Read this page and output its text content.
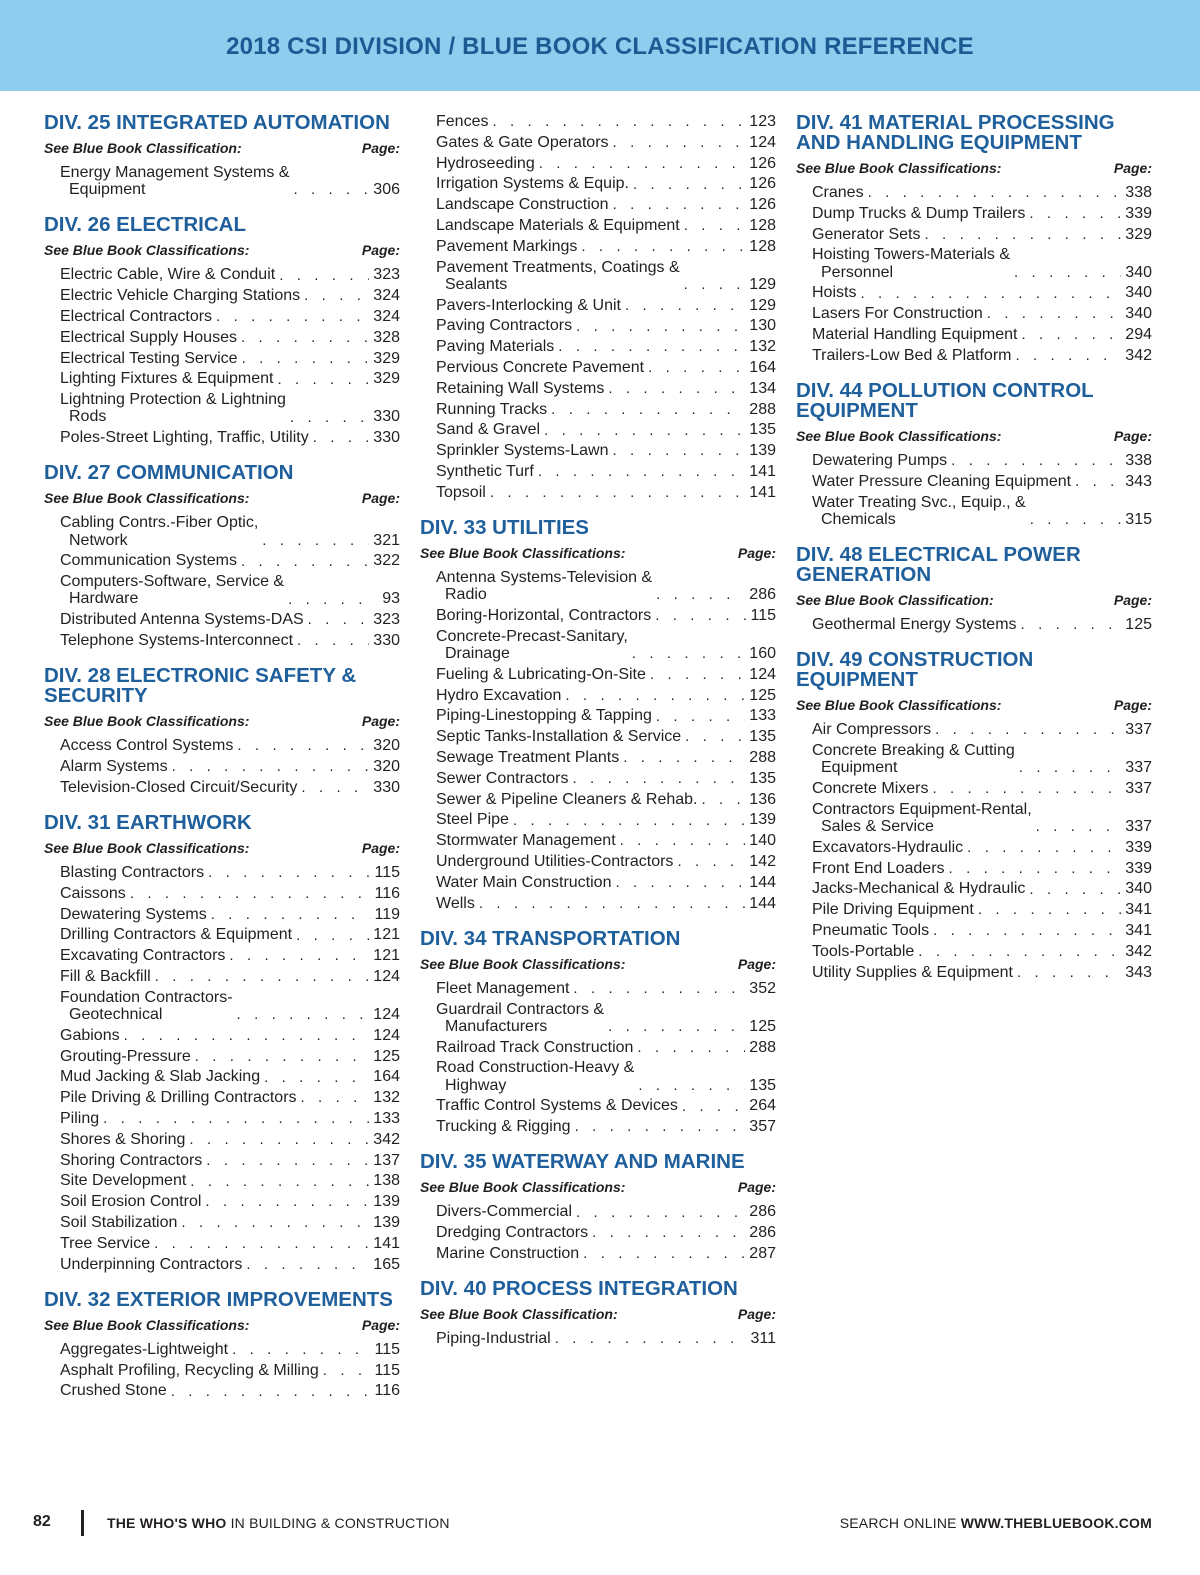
2018 CSI DIVISION / BLUE BOOK CLASSIFICATION REFERENCE
DIV. 25 INTEGRATED AUTOMATION
See Blue Book Classification:	Page:
Energy Management Systems &
Equipment . . .	306
DIV. 26 ELECTRICAL
See Blue Book Classifications:	Page:
Electric Cable, Wire & Conduit . . .	323
Electric Vehicle Charging Stations . . .	324
Electrical Contractors . . .	324
Electrical Supply Houses . . .	328
Electrical Testing Service . . .	329
Lighting Fixtures & Equipment . . .	329
Lightning Protection & Lightning
Rods . . .	330
Poles-Street Lighting, Traffic, Utility . . .	330
DIV. 27 COMMUNICATION
See Blue Book Classifications:	Page:
Cabling Contrs.-Fiber Optic,
Network . . .	321
Communication Systems . . .	322
Computers-Software, Service &
Hardware . . .	93
Distributed Antenna Systems-DAS . . .	323
Telephone Systems-Interconnect . . .	330
DIV. 28 ELECTRONIC SAFETY & SECURITY
See Blue Book Classifications:	Page:
Access Control Systems . . .	320
Alarm Systems . . .	320
Television-Closed Circuit/Security . . .	330
DIV. 31 EARTHWORK
See Blue Book Classifications:	Page:
Blasting Contractors . . .	115
Caissons . . .	116
Dewatering Systems . . .	119
Drilling Contractors & Equipment . . .	121
Excavating Contractors . . .	121
Fill & Backfill . . .	124
Foundation Contractors-
Geotechnical . . .	124
Gabions . . .	124
Grouting-Pressure . . .	125
Mud Jacking & Slab Jacking . . .	164
Pile Driving & Drilling Contractors . . .	132
Piling . . .	133
Shores & Shoring . . .	342
Shoring Contractors . . .	137
Site Development . . .	138
Soil Erosion Control . . .	139
Soil Stabilization . . .	139
Tree Service . . .	141
Underpinning Contractors . . .	165
DIV. 32 EXTERIOR IMPROVEMENTS
See Blue Book Classifications:	Page:
Aggregates-Lightweight . . .	115
Asphalt Profiling, Recycling & Milling . . .	115
Crushed Stone . . .	116
Fences . . .	123
Gates & Gate Operators . . .	124
Hydroseeding . . .	126
Irrigation Systems & Equip. . . .	126
Landscape Construction . . .	126
Landscape Materials & Equipment . . .	128
Pavement Markings . . .	128
Pavement Treatments, Coatings &
Sealants . . .	129
Pavers-Interlocking & Unit . . .	129
Paving Contractors . . .	130
Paving Materials . . .	132
Pervious Concrete Pavement . . .	164
Retaining Wall Systems . . .	134
Running Tracks . . .	288
Sand & Gravel . . .	135
Sprinkler Systems-Lawn . . .	139
Synthetic Turf . . .	141
Topsoil . . .	141
DIV. 33 UTILITIES
See Blue Book Classifications:	Page:
Antenna Systems-Television &
Radio . . .	286
Boring-Horizontal, Contractors . . .	115
Concrete-Precast-Sanitary,
Drainage . . .	160
Fueling & Lubricating-On-Site . . .	124
Hydro Excavation . . .	125
Piping-Linestopping & Tapping . . .	133
Septic Tanks-Installation & Service . . .	135
Sewage Treatment Plants . . .	288
Sewer Contractors . . .	135
Sewer & Pipeline Cleaners & Rehab. . . .	136
Steel Pipe . . .	139
Stormwater Management . . .	140
Underground Utilities-Contractors . . .	142
Water Main Construction . . .	144
Wells . . .	144
DIV. 34 TRANSPORTATION
See Blue Book Classifications:	Page:
Fleet Management . . .	352
Guardrail Contractors &
Manufacturers . . .	125
Railroad Track Construction . . .	288
Road Construction-Heavy &
Highway . . .	135
Traffic Control Systems & Devices . . .	264
Trucking & Rigging . . .	357
DIV. 35 WATERWAY AND MARINE
See Blue Book Classifications:	Page:
Divers-Commercial . . .	286
Dredging Contractors . . .	286
Marine Construction . . .	287
DIV. 40 PROCESS INTEGRATION
See Blue Book Classification:	Page:
Piping-Industrial . . .	311
DIV. 41 MATERIAL PROCESSING AND HANDLING EQUIPMENT
See Blue Book Classifications:	Page:
Cranes . . .	338
Dump Trucks & Dump Trailers . . .	339
Generator Sets . . .	329
Hoisting Towers-Materials &
Personnel . . .	340
Hoists . . .	340
Lasers For Construction . . .	340
Material Handling Equipment . . .	294
Trailers-Low Bed & Platform . . .	342
DIV. 44 POLLUTION CONTROL EQUIPMENT
See Blue Book Classifications:	Page:
Dewatering Pumps . . .	338
Water Pressure Cleaning Equipment . . .	343
Water Treating Svc., Equip., &
Chemicals . . .	315
DIV. 48 ELECTRICAL POWER GENERATION
See Blue Book Classification:	Page:
Geothermal Energy Systems . . .	125
DIV. 49 CONSTRUCTION EQUIPMENT
See Blue Book Classifications:	Page:
Air Compressors . . .	337
Concrete Breaking & Cutting
Equipment . . .	337
Concrete Mixers . . .	337
Contractors Equipment-Rental,
Sales & Service . . .	337
Excavators-Hydraulic . . .	339
Front End Loaders . . .	339
Jacks-Mechanical & Hydraulic . . .	340
Pile Driving Equipment . . .	341
Pneumatic Tools . . .	341
Tools-Portable . . .	342
Utility Supplies & Equipment . . .	343
82	THE WHO'S WHO IN BUILDING & CONSTRUCTION	SEARCH ONLINE WWW.THEBLUEBOOK.COM
